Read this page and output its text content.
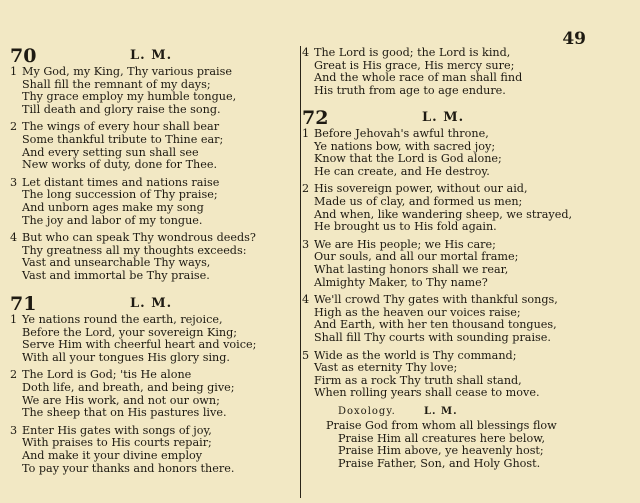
49
70	L. M.
1 My God, my King, Thy various praise
Shall fill the remnant of my days;
Thy grace employ my humble tongue,
Till death and glory raise the song.
2 The wings of every hour shall bear
Some thankful tribute to Thine ear;
And every setting sun shall see
New works of duty, done for Thee.
3 Let distant times and nations raise
The long succession of Thy praise;
And unborn ages make my song
The joy and labor of my tongue.
4 But who can speak Thy wondrous deeds?
Thy greatness all my thoughts exceeds:
Vast and unsearchable Thy ways,
Vast and immortal be Thy praise.
71	L. M.
1 Ye nations round the earth, rejoice,
Before the Lord, your sovereign King;
Serve Him with cheerful heart and voice;
With all your tongues His glory sing.
2 The Lord is God; 'tis He alone
Doth life, and breath, and being give;
We are His work, and not our own;
The sheep that on His pastures live.
3 Enter His gates with songs of joy,
With praises to His courts repair;
And make it your divine employ
To pay your thanks and honors there.
4 The Lord is good; the Lord is kind,
Great is His grace, His mercy sure;
And the whole race of man shall find
His truth from age to age endure.
72	L. M.
1 Before Jehovah's awful throne,
Ye nations bow, with sacred joy;
Know that the Lord is God alone;
He can create, and He destroy.
2 His sovereign power, without our aid,
Made us of clay, and formed us men;
And when, like wandering sheep, we strayed,
He brought us to His fold again.
3 We are His people; we His care;
Our souls, and all our mortal frame;
What lasting honors shall we rear,
Almighty Maker, to Thy name?
4 We'll crowd Thy gates with thankful songs,
High as the heaven our voices raise;
And Earth, with her ten thousand tongues,
Shall fill Thy courts with sounding praise.
5 Wide as the world is Thy command;
Vast as eternity Thy love;
Firm as a rock Thy truth shall stand,
When rolling years shall cease to move.
Doxology.	L. M.
Praise God from whom all blessings flow
Praise Him all creatures here below,
Praise Him above, ye heavenly host;
Praise Father, Son, and Holy Ghost.
